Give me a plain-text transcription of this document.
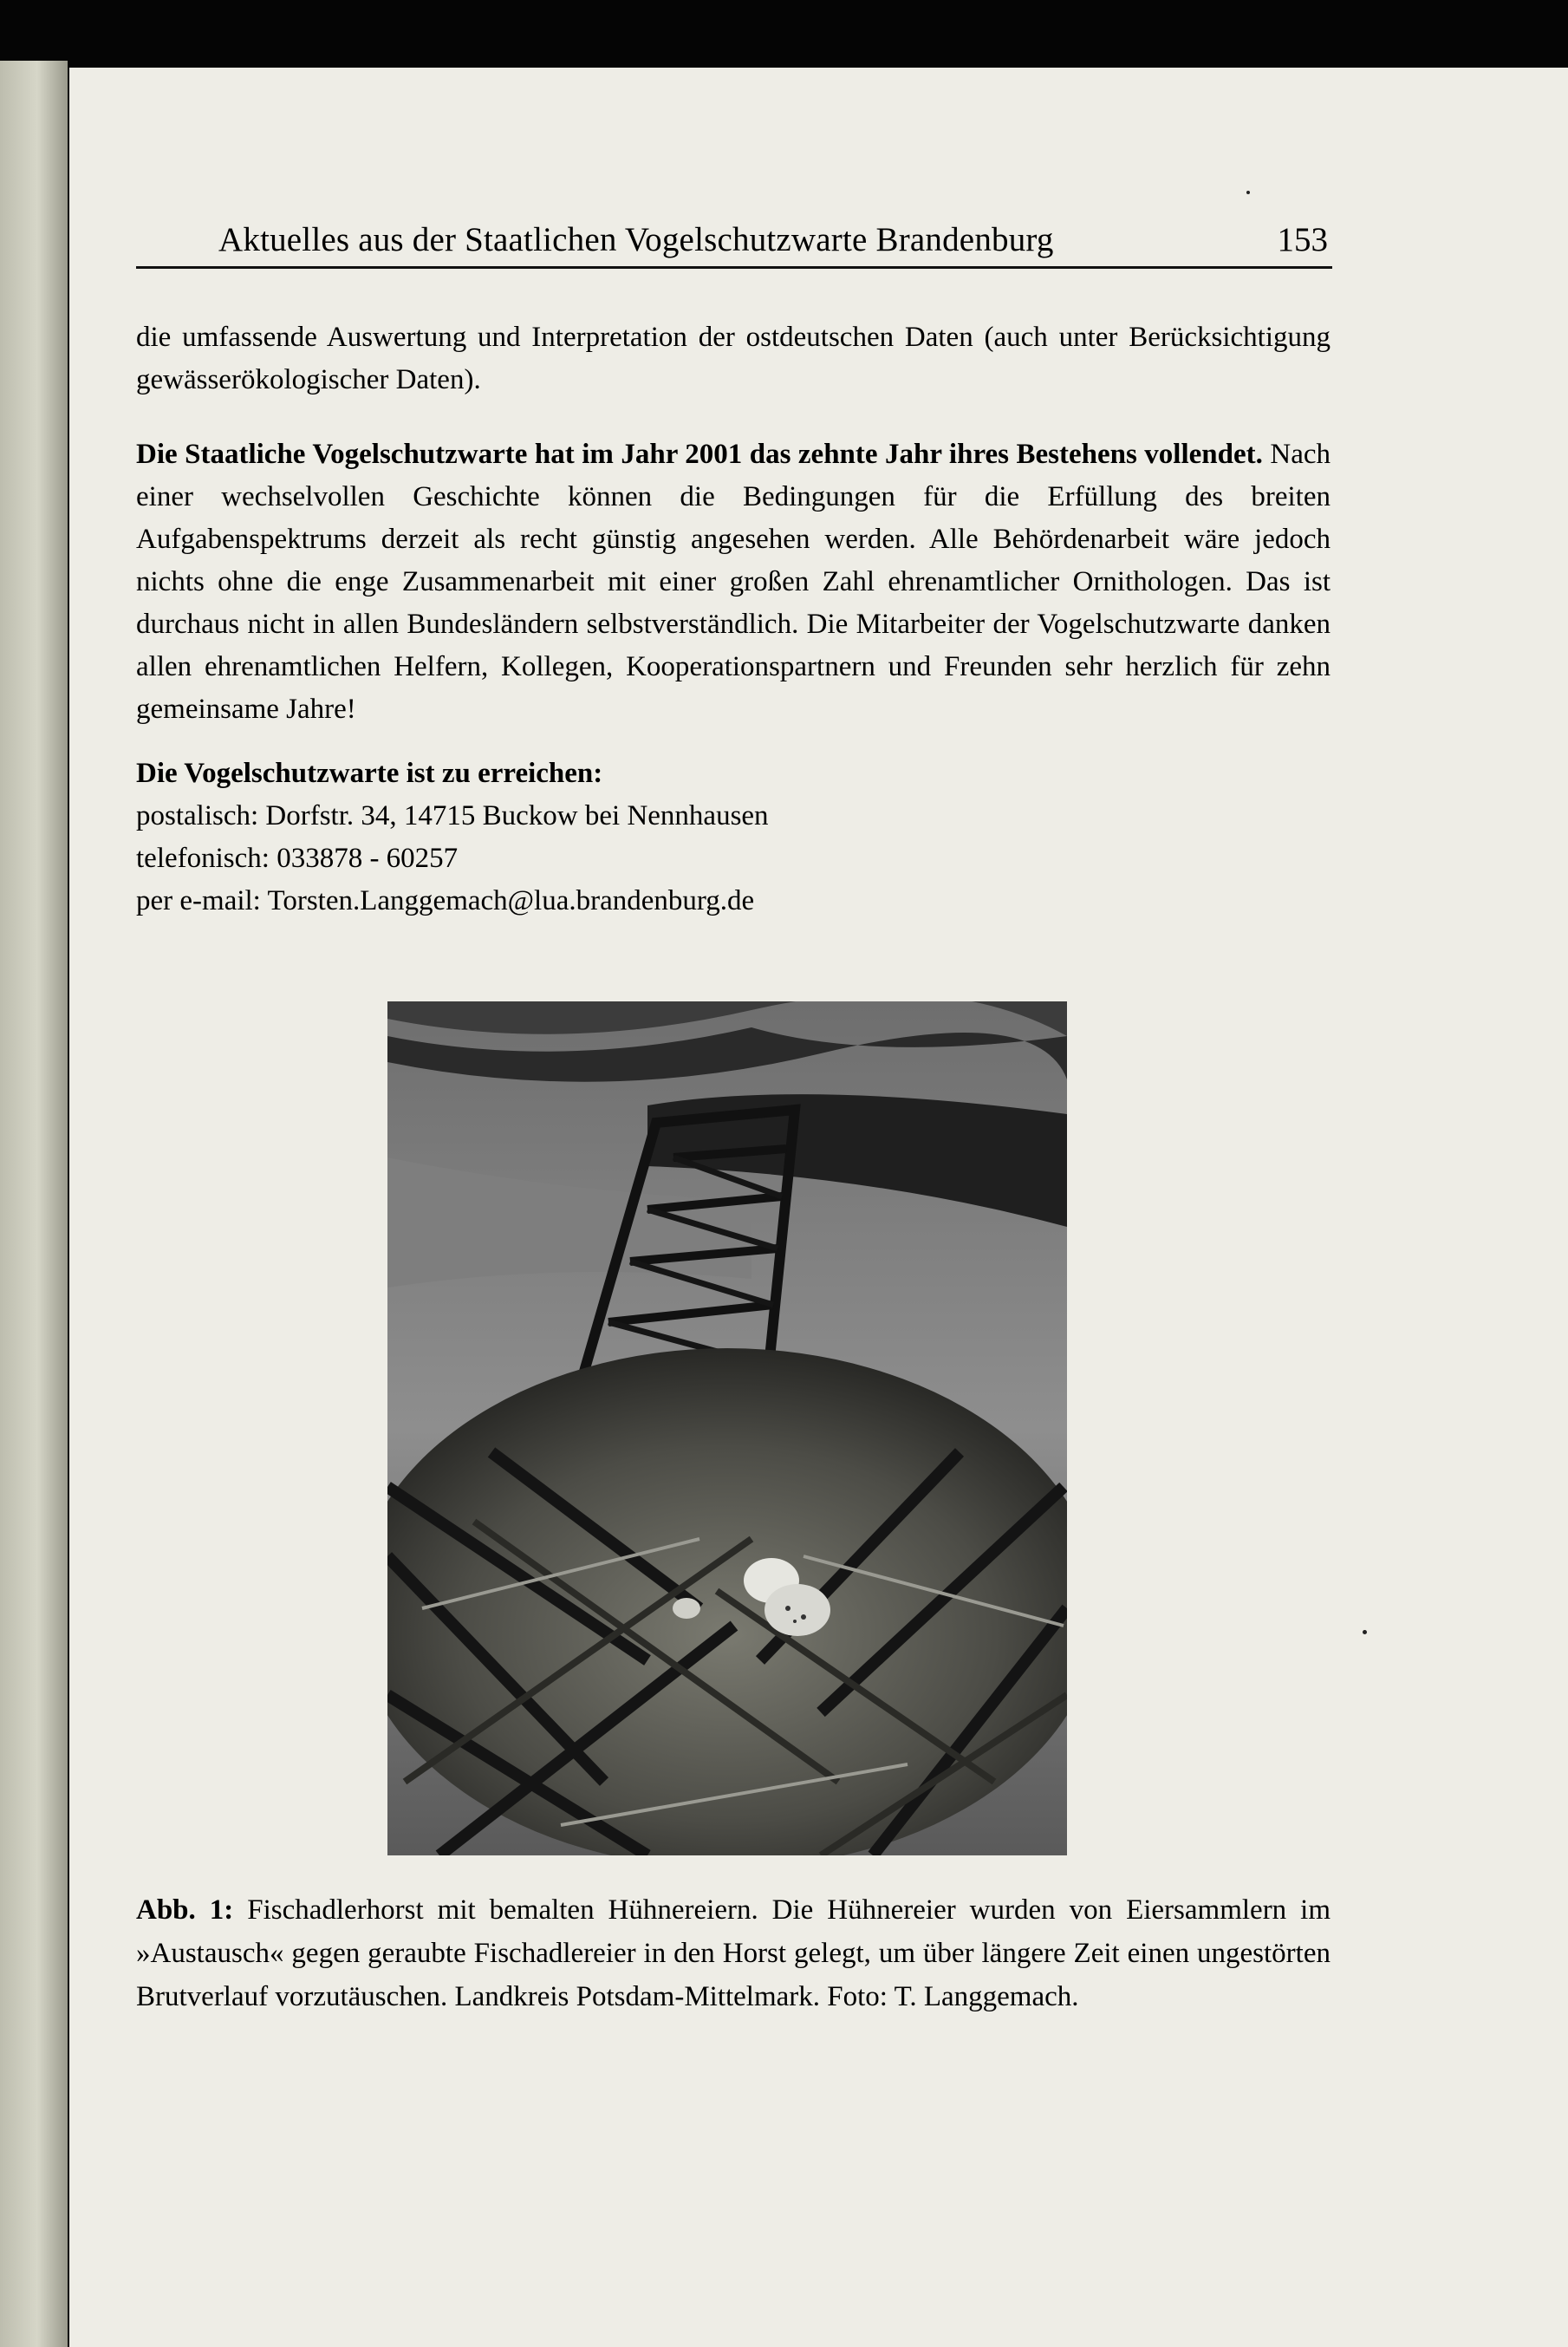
Aktuelles aus der Staatlichen Vogelschutzwarte Brandenburg	153
die umfassende Auswertung und Interpretation der ostdeutschen Daten (auch unter Berücksichtigung gewässerökologischer Daten).
Die Staatliche Vogelschutzwarte hat im Jahr 2001 das zehnte Jahr ihres Bestehens vollendet. Nach einer wechselvollen Geschichte können die Bedingungen für die Erfüllung des breiten Aufgabenspektrums derzeit als recht günstig angesehen werden. Alle Behördenarbeit wäre jedoch nichts ohne die enge Zusammenarbeit mit einer großen Zahl ehrenamtlicher Ornithologen. Das ist durchaus nicht in allen Bundesländern selbstverständlich. Die Mitarbeiter der Vogelschutzwarte danken allen ehrenamtlichen Helfern, Kollegen, Kooperationspartnern und Freunden sehr herzlich für zehn gemeinsame Jahre!
Die Vogelschutzwarte ist zu erreichen:
postalisch: Dorfstr. 34, 14715 Buckow bei Nennhausen
telefonisch: 033878 - 60257
per e-mail: Torsten.Langgemach@lua.brandenburg.de
Abb. 1: Fischadlerhorst mit bemalten Hühnereiern. Die Hühnereier wurden von Eiersammlern im »Austausch« gegen geraubte Fischadlereier in den Horst gelegt, um über längere Zeit einen ungestörten Brutverlauf vorzutäuschen. Landkreis Potsdam-Mittelmark. Foto: T. Langgemach.
